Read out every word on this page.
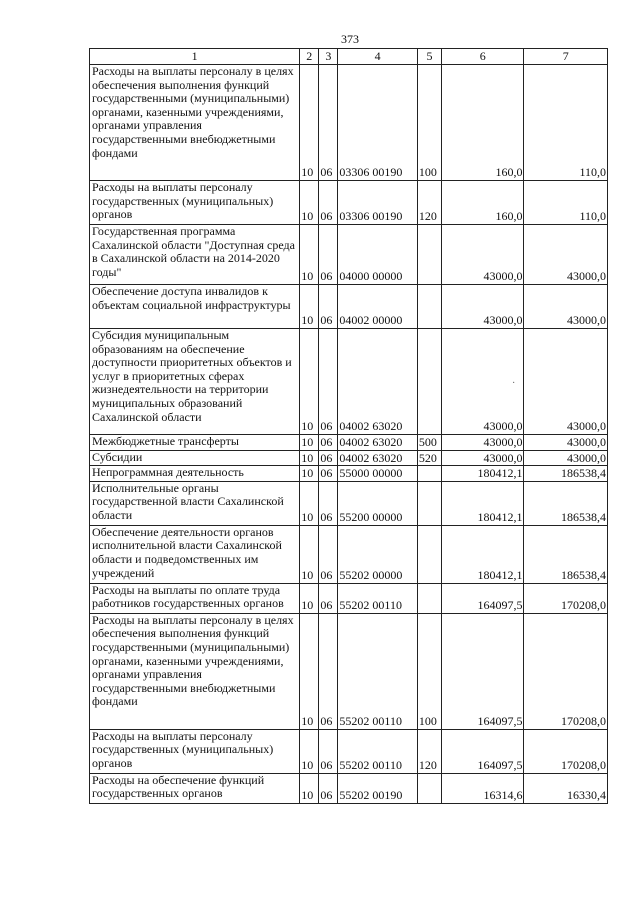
373
1	2	3	4	5	6	7
Расходы на выплаты персоналу в целях обеспечения выполнения функций государственными (муниципальными) органами, казенными учреждениями, органами управления государственными внебюджетными фондами	10	06	03306 00190	100	160,0	110,0
Расходы на выплаты персоналу государственных (муниципальных) органов	10	06	03306 00190	120	160,0	110,0
Государственная программа Сахалинской области "Доступная среда в Сахалинской области на 2014-2020 годы"	10	06	04000 00000		43000,0	43000,0
Обеспечение доступа инвалидов к объектам социальной инфраструктуры	10	06	04002 00000		43000,0	43000,0
Субсидия муниципальным образованиям на обеспечение доступности приоритетных объектов и услуг в приоритетных сферах жизнедеятельности на территории муниципальных образований Сахалинской области	10	06	04002 63020		43000,0	43000,0
Межбюджетные трансферты	10	06	04002 63020	500	43000,0	43000,0
Субсидии	10	06	04002 63020	520	43000,0	43000,0
Непрограммная деятельность	10	06	55000 00000		180412,1	186538,4
Исполнительные органы государственной власти Сахалинской области	10	06	55200 00000		180412,1	186538,4
Обеспечение деятельности органов исполнительной власти Сахалинской области и подведомственных им учреждений	10	06	55202 00000		180412,1	186538,4
Расходы на выплаты по оплате труда работников государственных органов	10	06	55202 00110		164097,5	170208,0
Расходы на выплаты персоналу в целях обеспечения выполнения функций государственными (муниципальными) органами, казенными учреждениями, органами управления государственными внебюджетными фондами	10	06	55202 00110	100	164097,5	170208,0
Расходы на выплаты персоналу государственных (муниципальных) органов	10	06	55202 00110	120	164097,5	170208,0
Расходы на обеспечение функций государственных органов	10	06	55202 00190		16314,6	16330,4
·
